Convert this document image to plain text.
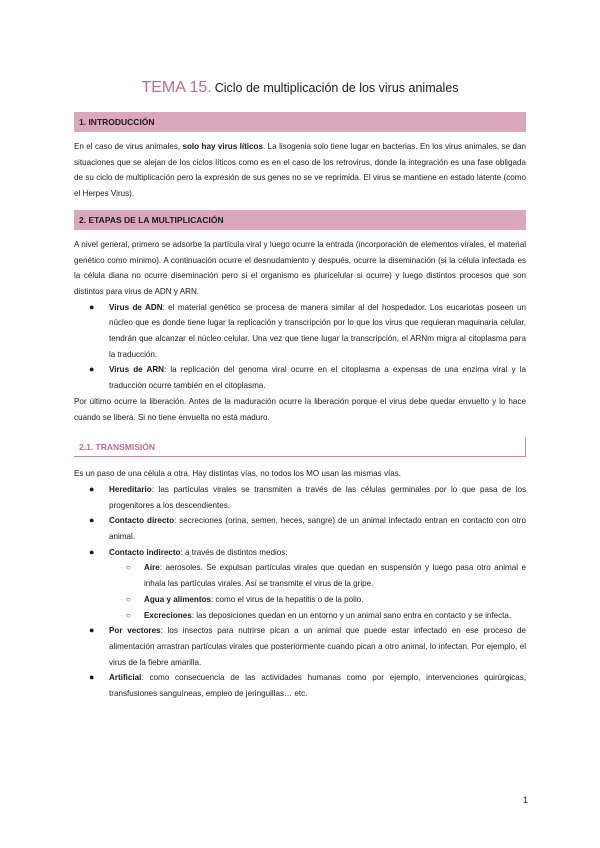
TEMA 15. Ciclo de multiplicación de los virus animales
1. INTRODUCCIÓN

En el caso de virus animales, solo hay virus líticos. La lisogenia solo tiene lugar en bacterias. En los virus animales, se dan situaciones que se alejan de los ciclos líticos como es en el caso de los retrovirus, donde la integración es una fase obligada de su ciclo de multiplicación pero la expresión de sus genes no se ve reprimida. El virus se mantiene en estado latente (como el Herpes Virus).

2. ETAPAS DE LA MULTIPLICACIÓN

A nivel general, primero se adsorbe la partícula viral y luego ocurre la entrada (incorporación de elementos virales, el material genético como mínimo). A continuación ocurre el desnudamiento y después, ocurre la diseminación (si la célula infectada es la célula diana no ocurre diseminación pero si el organismo es pluricelular si ocurre) y luego distintos procesos que son distintos para virus de ADN y ARN.

● Virus de ADN: el material genético se procesa de manera similar al del hospedador. Los eucariotas poseen un núcleo que es donde tiene lugar la replicación y transcripción por lo que los virus que requieran maquinaria celular, tendrán que alcanzar el núcleo celular. Una vez que tiene lugar la transcripción, el ARNm migra al citoplasma para la traducción.
● Virus de ARN: la replicación del genoma viral ocurre en el citoplasma a expensas de una enzima viral y la traducción ocurre también en el citoplasma.

Por último ocurre la liberación. Antes de la maduración ocurre la liberación porque el virus debe quedar envuelto y lo hace cuando se libera. Si no tiene envuelta no está maduro.

2.1. TRANSMISIÓN

Es un paso de una célula a otra. Hay distintas vías, no todos los MO usan las mismas vías.

● Hereditario: las partículas virales se transmiten a través de las células germinales por lo que pasa de los progenitores a los descendientes.
● Contacto directo: secreciones (orina, semen, heces, sangre) de un animal infectado entran en contacto con otro animal.
● Contacto indirecto: a través de distintos medios:
○ Aire: aerosoles. Se expulsan partículas virales que quedan en suspensión y luego pasa otro animal e inhala las partículas virales. Así se transmite el virus de la gripe.
○ Agua y alimentos: como el virus de la hepatitis o de la polio.
○ Excreciones: las deposiciones quedan en un entorno y un animal sano entra en contacto y se infecta.
● Por vectores: los insectos para nutrirse pican a un animal que puede estar infectado en ese proceso de alimentación arrastran partículas virales que posteriormente cuando pican a otro animal, lo infectan. Por ejemplo, el virus de la fiebre amarilla.
● Artificial: como consecuencia de las actividades humanas como por ejemplo, intervenciones quirúrgicas, transfusiones sanguíneas, empleo de jeringuillas… etc.
1
